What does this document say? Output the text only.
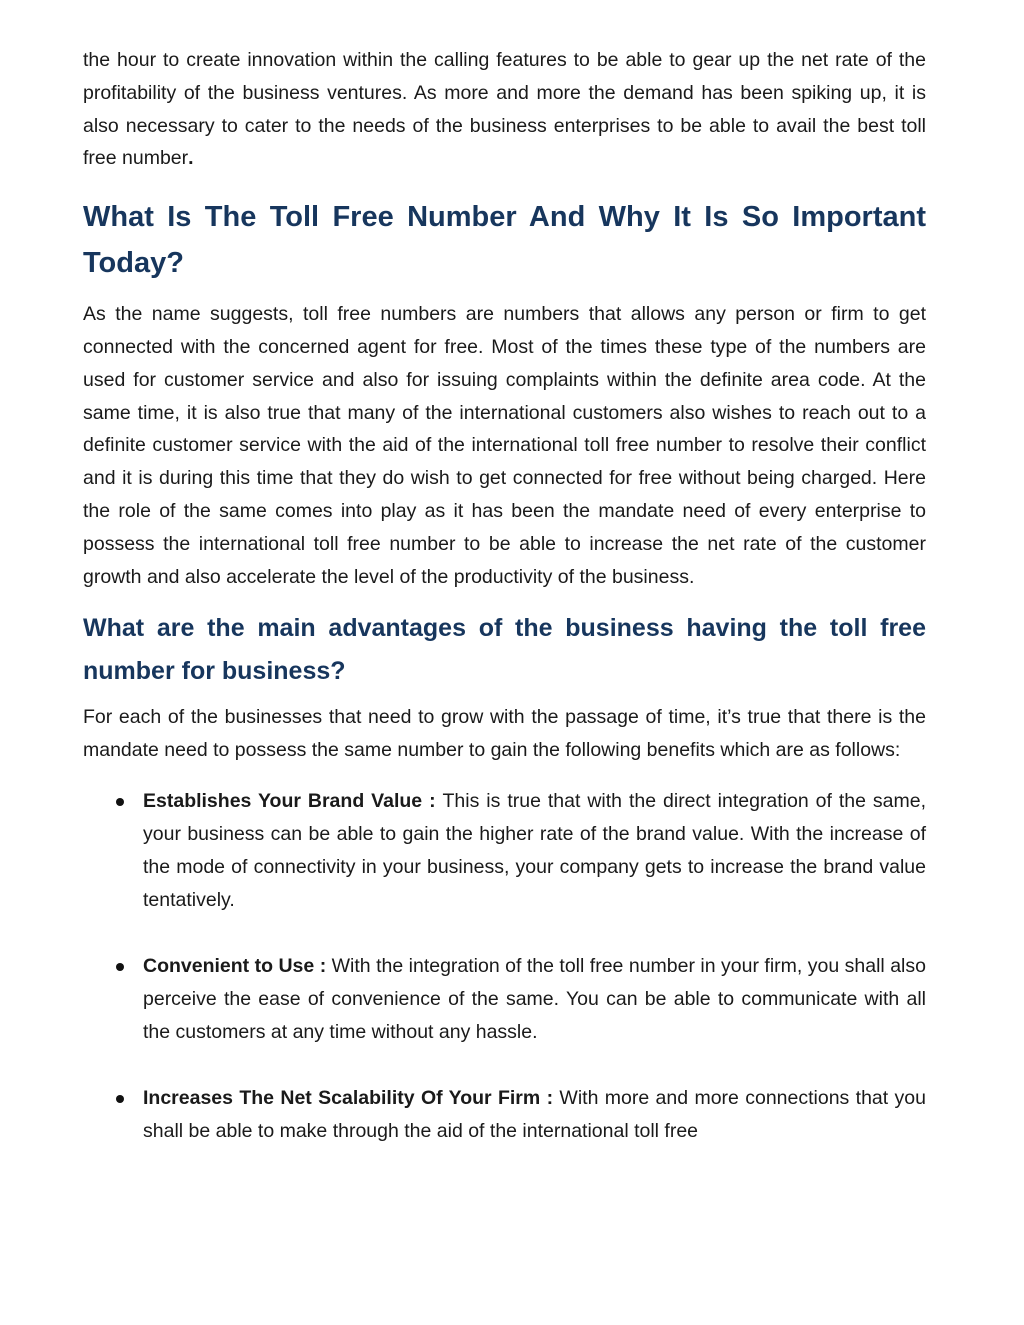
the hour to create innovation within the calling features to be able to gear up the net rate of the profitability of the business ventures. As more and more the demand has been spiking up, it is also necessary to cater to the needs of the business enterprises to be able to avail the best toll free number.

What Is The Toll Free Number And Why It Is So Important Today?

As the name suggests, toll free numbers are numbers that allows any person or firm to get connected with the concerned agent for free. Most of the times these type of the numbers are used for customer service and also for issuing complaints within the definite area code. At the same time, it is also true that many of the international customers also wishes to reach out to a definite customer service with the aid of the international toll free number to resolve their conflict and it is during this time that they do wish to get connected for free without being charged. Here the role of the same comes into play as it has been the mandate need of every enterprise to possess the international toll free number to be able to increase the net rate of the customer growth and also accelerate the level of the productivity of the business.

What are the main advantages of the business having the toll free number for business?

For each of the businesses that need to grow with the passage of time, it’s true that there is the mandate need to possess the same number to gain the following benefits which are as follows:

Establishes Your Brand Value : This is true that with the direct integration of the same, your business can be able to gain the higher rate of the brand value. With the increase of the mode of connectivity in your business, your company gets to increase the brand value tentatively.
Convenient to Use : With the integration of the toll free number in your firm, you shall also perceive the ease of convenience of the same. You can be able to communicate with all the customers at any time without any hassle.
Increases The Net Scalability Of Your Firm : With more and more connections that you shall be able to make through the aid of the international toll free
